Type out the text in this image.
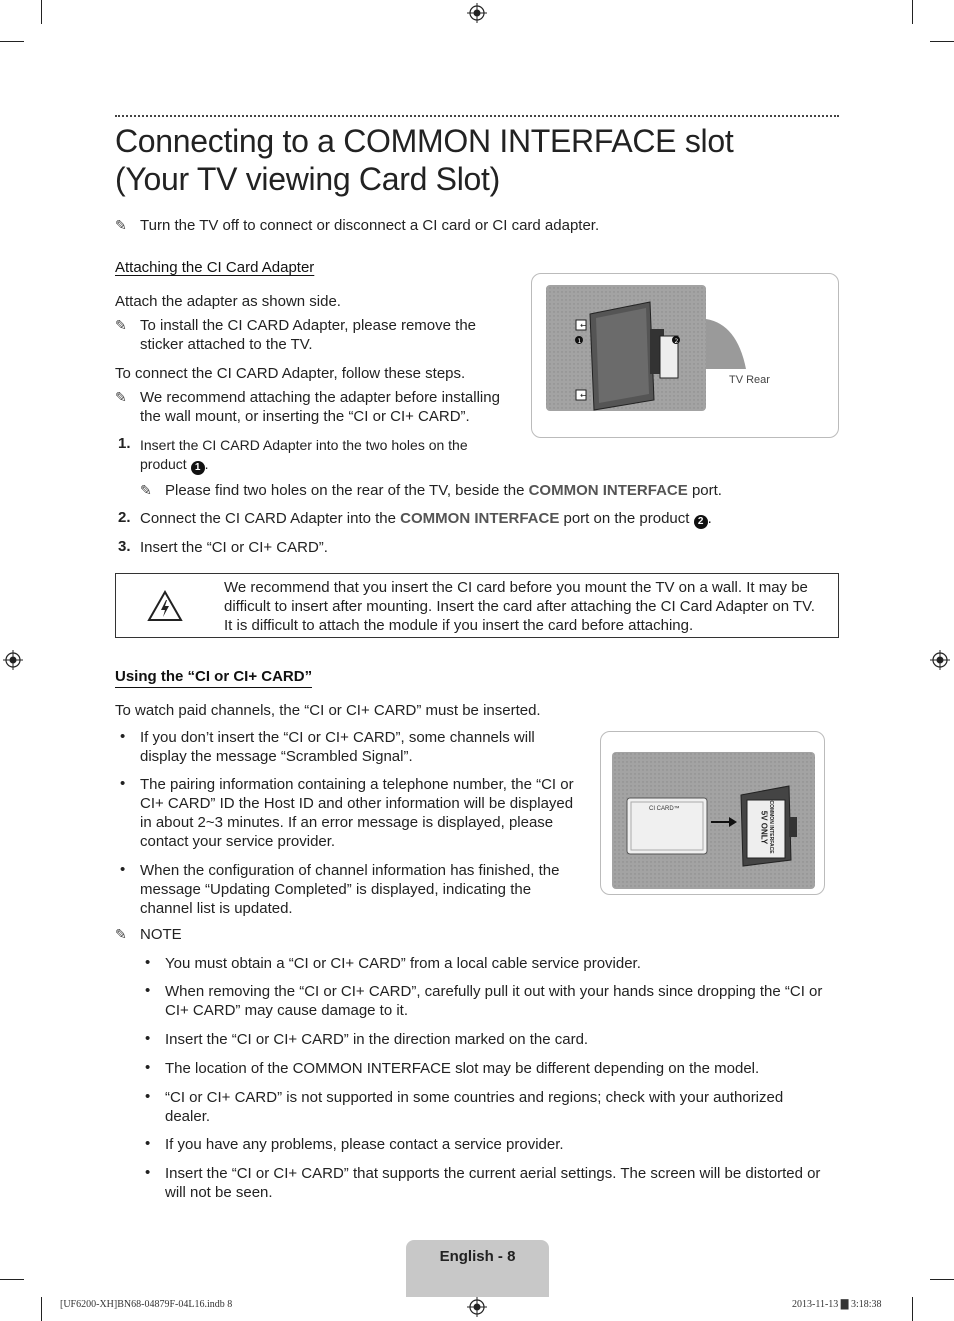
Connecting to a COMMON INTERFACE slot
(Your TV viewing Card Slot)
✎ Turn the TV off to connect or disconnect a CI card or CI card adapter.
Attaching the CI Card Adapter
Attach the adapter as shown side.
✎ To install the CI CARD Adapter, please remove the
sticker attached to the TV.
To connect the CI CARD Adapter, follow these steps.
✎ We recommend attaching the adapter before installing
the wall mount, or inserting the “CI or CI+ CARD”.
1. Insert the CI CARD Adapter into the two holes on the
product 1 .
✎ Please find two holes on the rear of the TV, beside the COMMON INTERFACE port.
2. Connect the CI CARD Adapter into the COMMON INTERFACE port on the product 2 .
3. Insert the “CI or CI+ CARD”.
←
←
1	2
TV Rear
We recommend that you insert the CI card before you mount the TV on a wall. It may be
difficult to insert after mounting. Insert the card after attaching the CI Card Adapter on TV.
It is difficult to attach the module if you insert the card before attaching.
Using the “CI or CI+ CARD”
To watch paid channels, the “CI or CI+ CARD” must be inserted.
• If you don’t insert the “CI or CI+ CARD”, some channels will
display the message “Scrambled Signal”.
• The pairing information containing a telephone number, the “CI or
CI+ CARD” ID the Host ID and other information will be displayed
in about 2~3 minutes. If an error message is displayed, please
contact your service provider.
• When the configuration of channel information has finished, the
message “Updating Completed” is displayed, indicating the
channel list is updated.
CI CARD™	COMMON INTERFACE
5V ONLY
✎ NOTE
• You must obtain a “CI or CI+ CARD” from a local cable service provider.
• When removing the “CI or CI+ CARD”, carefully pull it out with your hands since dropping the “CI or
CI+ CARD” may cause damage to it.
• Insert the “CI or CI+ CARD” in the direction marked on the card.
• The location of the COMMON INTERFACE slot may be different depending on the model.
• “CI or CI+ CARD” is not supported in some countries and regions; check with your authorized
dealer.
• If you have any problems, please contact a service provider.
• Insert the “CI or CI+ CARD” that supports the current aerial settings. The screen will be distorted or
will not be seen.
English - 8
[UF6200-XH]BN68-04879F-04L16.indb 8	2013-11-13 ▇ 3:18:38
